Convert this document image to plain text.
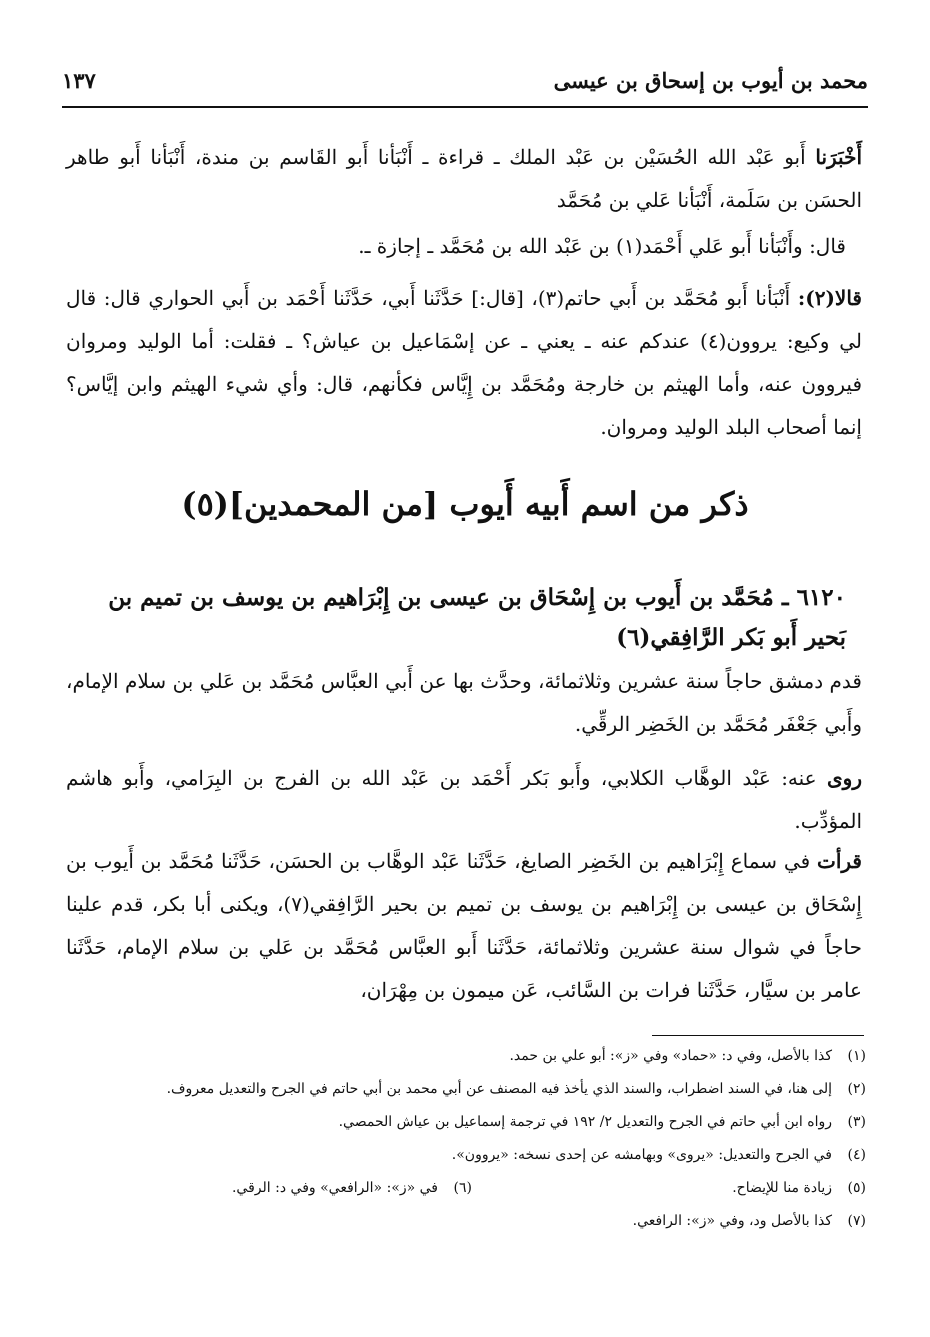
محمد بن أيوب بن إسحاق بن عيسى
١٣٧
أَخْبَرَنا أَبو عَبْد الله الحُسَيْن بن عَبْد الملك ـ قراءة ـ أَنْبَأنا أَبو القَاسم بن مندة، أَنْبَأنا أَبو طاهر الحسَن بن سَلَمة، أَنْبَأنا عَلي بن مُحَمَّد
قال: وأَنْبَأنا أَبو عَلي أَحْمَد(١) بن عَبْد الله بن مُحَمَّد ـ إجازة ـ.
قالا(٢): أَنْبَأنا أَبو مُحَمَّد بن أَبي حاتم(٣)، [قال:] حَدَّثَنا أَبي، حَدَّثَنا أَحْمَد بن أَبي الحواري قال: قال لي وكيع: يروون(٤) عندكم عنه ـ يعني ـ عن إسْمَاعيل بن عياش؟ ـ فقلت: أما الوليد ومروان فيروون عنه، وأما الهيثم بن خارجة ومُحَمَّد بن إِيَّاس فكأنهم، قال: وأي شيء الهيثم وابن إيَّاس؟ إنما أصحاب البلد الوليد ومروان.
ذكر من اسم أَبيه أَيوب [من المحمدين](٥)
٦١٢٠ ـ مُحَمَّد بن أَيوب بن إِسْحَاق بن عيسى بن إِبْرَاهيم بن يوسف بن تميم بن بَحير أَبو بَكر الرَّافِقي(٦)
قدم دمشق حاجاً سنة عشرين وثلاثمائة، وحدَّث بها عن أَبي العبَّاس مُحَمَّد بن عَلي بن سلام الإمام، وأَبي جَعْفَر مُحَمَّد بن الخَضِر الرقِّي.
روى عنه: عَبْد الوهَّاب الكلابي، وأَبو بَكر أَحْمَد بن عَبْد الله بن الفرج بن البِرَامي، وأَبو هاشم المؤدِّب.
قرأت في سماع إِبْرَاهيم بن الخَضِر الصايغ، حَدَّثَنا عَبْد الوهَّاب بن الحسَن، حَدَّثَنا مُحَمَّد بن أَيوب بن إِسْحَاق بن عيسى بن إِبْرَاهيم بن يوسف بن تميم بن بحير الرَّافِقي(٧)، ويكنى أبا بكر، قدم علينا حاجاً في شوال سنة عشرين وثلاثمائة، حَدَّثَنا أَبو العبَّاس مُحَمَّد بن عَلي بن سلام الإمام، حَدَّثَنا عامر بن سيَّار، حَدَّثَنا فرات بن السَّائب، عَن ميمون بن مِهْرَان،
(١)
كذا بالأصل، وفي د: «حماد» وفي «ز»: أبو علي بن حمد.
(٢)
إلى هنا، في السند اضطراب، والسند الذي يأخذ فيه المصنف عن أبي محمد بن أبي حاتم في الجرح والتعديل معروف.
(٣)
رواه ابن أبي حاتم في الجرح والتعديل ٢/ ١٩٢ في ترجمة إسماعيل بن عياش الحمصي.
(٤)
في الجرح والتعديل: «يروى» وبهامشه عن إحدى نسخه: «يروون».
(٥)
زيادة منا للإيضاح.
(٦)
في «ز»: «الرافعي» وفي د: الرقي.
(٧)
كذا بالأصل ود، وفي «ز»: الرافعي.
